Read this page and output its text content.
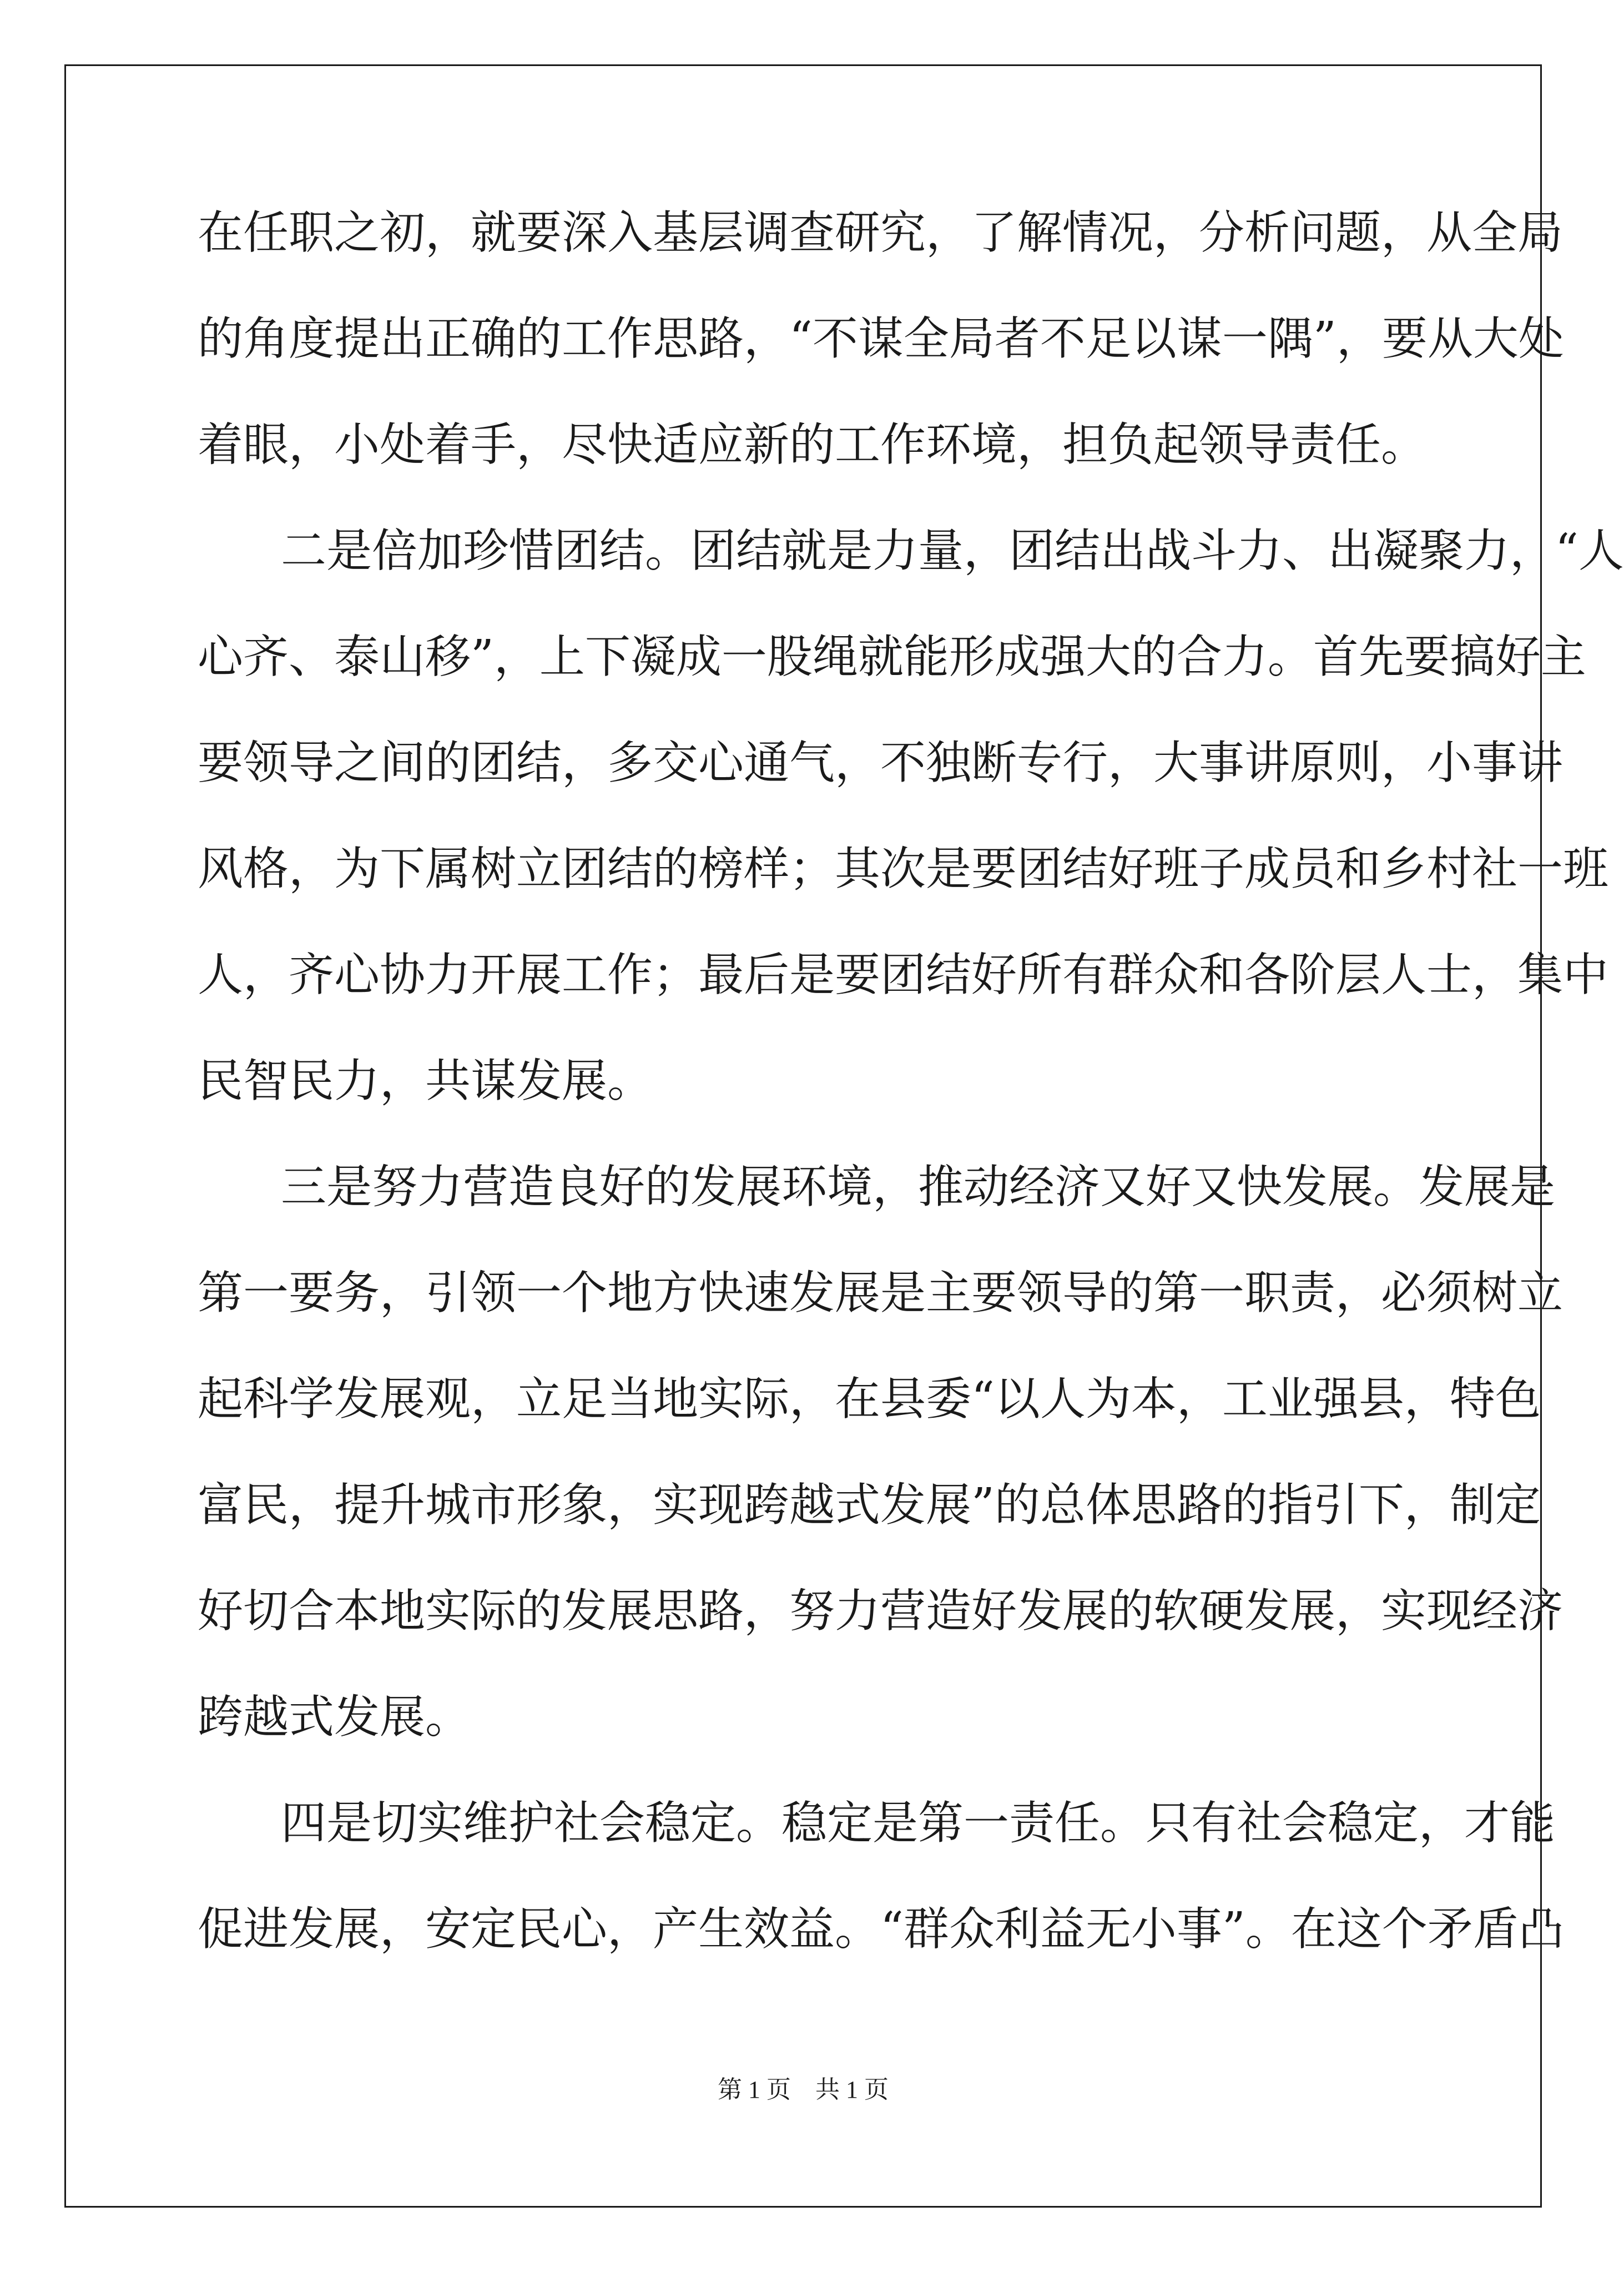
在任职之初，就要深入基层调查研究，了解情况，分析问题，从全局
的角度提出正确的工作思路，“不谋全局者不足以谋一隅”，要从大处
着眼，小处着手，尽快适应新的工作环境，担负起领导责任。
二是倍加珍惜团结。团结就是力量，团结出战斗力、出凝聚力，“人
心齐、泰山移”，上下凝成一股绳就能形成强大的合力。首先要搞好主
要领导之间的团结，多交心通气，不独断专行，大事讲原则，小事讲
风格，为下属树立团结的榜样；其次是要团结好班子成员和乡村社一班
人，齐心协力开展工作；最后是要团结好所有群众和各阶层人士，集中
民智民力，共谋发展。
三是努力营造良好的发展环境，推动经济又好又快发展。发展是
第一要务，引领一个地方快速发展是主要领导的第一职责，必须树立
起科学发展观，立足当地实际，在县委“以人为本，工业强县，特色
富民，提升城市形象，实现跨越式发展”的总体思路的指引下，制定
好切合本地实际的发展思路，努力营造好发展的软硬发展，实现经济
跨越式发展。
四是切实维护社会稳定。稳定是第一责任。只有社会稳定，才能
促进发展，安定民心，产生效益。“群众利益无小事”。在这个矛盾凸
第 1 页    共 1 页
